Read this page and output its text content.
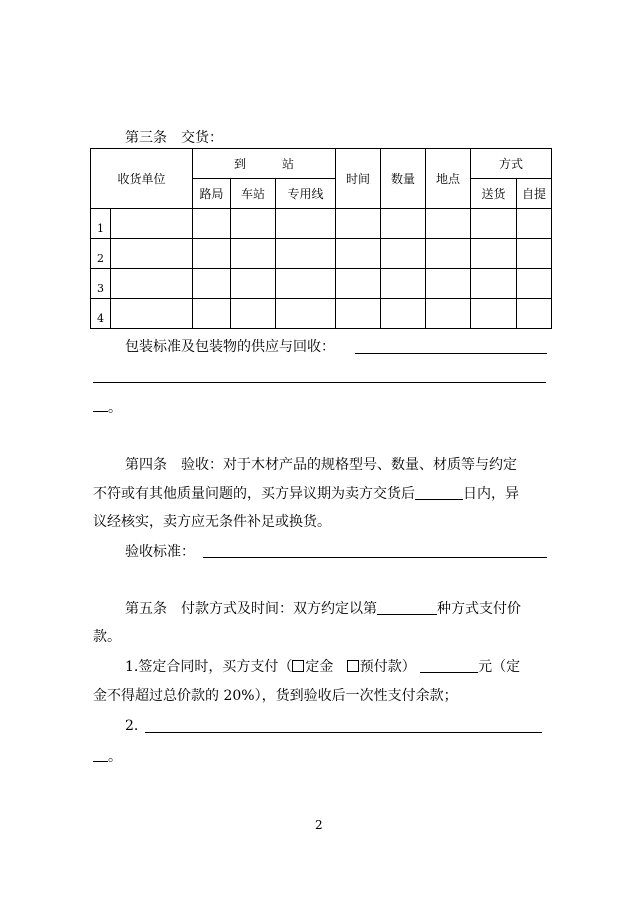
第三条　交货：
收货单位		到　　　站			时间	数量	地点	方式	
		路局	车站	专用线				送货	自提
1									
2									
3									
4									
包装标准及包装物的供应与回收：
。
第四条　验收：对于木材产品的规格型号、数量、材质等与约定
不符或有其他质量问题的，买方异议期为卖方交货后	日内，异
议经核实，卖方应无条件补足或换货。
验收标准：
第五条　付款方式及时间：双方约定以第	种方式支付价
款。
1.签定合同时，买方支付（ 定金 预付款）	元（定
金不得超过总价款的 20%），货到验收后一次性支付余款；
2.
。
2
